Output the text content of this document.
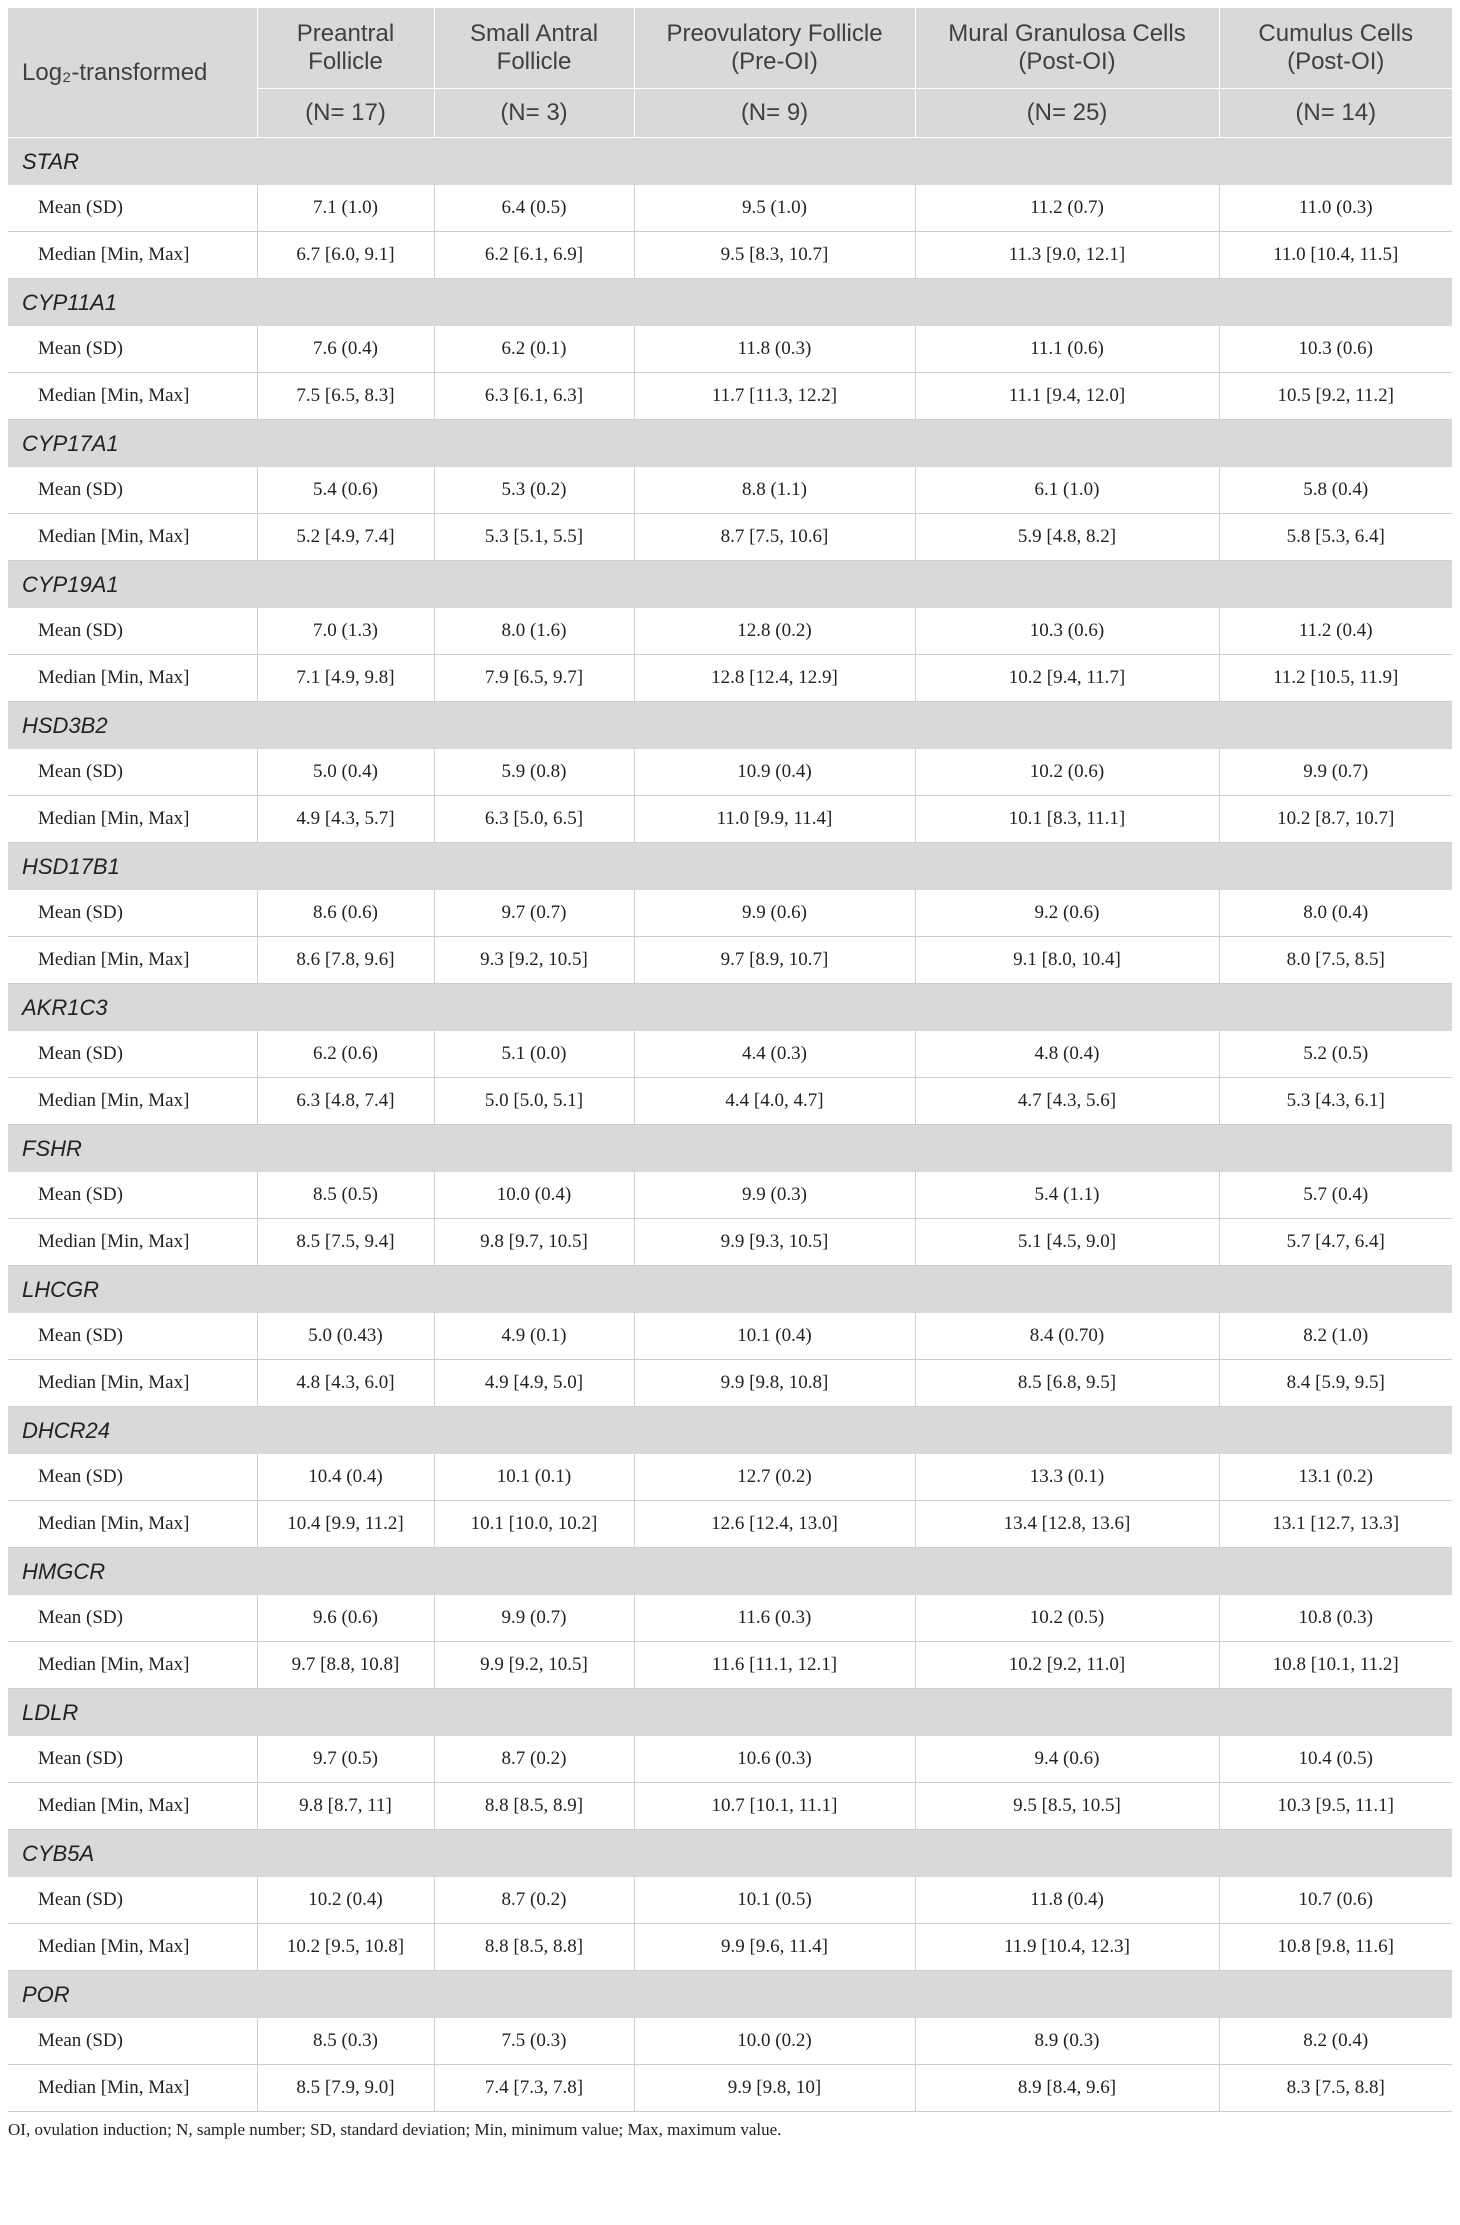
Log₂-transformed	Preantral Follicle	Small Antral Follicle	Preovulatory Follicle (Pre-OI)	Mural Granulosa Cells (Post-OI)	Cumulus Cells (Post-OI)
	(N= 17)	(N= 3)	(N= 9)	(N= 25)	(N= 14)
STAR					
Mean (SD)	7.1 (1.0)	6.4 (0.5)	9.5 (1.0)	11.2 (0.7)	11.0 (0.3)
Median [Min, Max]	6.7 [6.0, 9.1]	6.2 [6.1, 6.9]	9.5 [8.3, 10.7]	11.3 [9.0, 12.1]	11.0 [10.4, 11.5]
CYP11A1					
Mean (SD)	7.6 (0.4)	6.2 (0.1)	11.8 (0.3)	11.1 (0.6)	10.3 (0.6)
Median [Min, Max]	7.5 [6.5, 8.3]	6.3 [6.1, 6.3]	11.7 [11.3, 12.2]	11.1 [9.4, 12.0]	10.5 [9.2, 11.2]
CYP17A1					
Mean (SD)	5.4 (0.6)	5.3 (0.2)	8.8 (1.1)	6.1 (1.0)	5.8 (0.4)
Median [Min, Max]	5.2 [4.9, 7.4]	5.3 [5.1, 5.5]	8.7 [7.5, 10.6]	5.9 [4.8, 8.2]	5.8 [5.3, 6.4]
CYP19A1					
Mean (SD)	7.0 (1.3)	8.0 (1.6)	12.8 (0.2)	10.3 (0.6)	11.2 (0.4)
Median [Min, Max]	7.1 [4.9, 9.8]	7.9 [6.5, 9.7]	12.8 [12.4, 12.9]	10.2 [9.4, 11.7]	11.2 [10.5, 11.9]
HSD3B2					
Mean (SD)	5.0 (0.4)	5.9 (0.8)	10.9 (0.4)	10.2 (0.6)	9.9 (0.7)
Median [Min, Max]	4.9 [4.3, 5.7]	6.3 [5.0, 6.5]	11.0 [9.9, 11.4]	10.1 [8.3, 11.1]	10.2 [8.7, 10.7]
HSD17B1					
Mean (SD)	8.6 (0.6)	9.7 (0.7)	9.9 (0.6)	9.2 (0.6)	8.0 (0.4)
Median [Min, Max]	8.6 [7.8, 9.6]	9.3 [9.2, 10.5]	9.7 [8.9, 10.7]	9.1 [8.0, 10.4]	8.0 [7.5, 8.5]
AKR1C3					
Mean (SD)	6.2 (0.6)	5.1 (0.0)	4.4 (0.3)	4.8 (0.4)	5.2 (0.5)
Median [Min, Max]	6.3 [4.8, 7.4]	5.0 [5.0, 5.1]	4.4 [4.0, 4.7]	4.7 [4.3, 5.6]	5.3 [4.3, 6.1]
FSHR					
Mean (SD)	8.5 (0.5)	10.0 (0.4)	9.9 (0.3)	5.4 (1.1)	5.7 (0.4)
Median [Min, Max]	8.5 [7.5, 9.4]	9.8 [9.7, 10.5]	9.9 [9.3, 10.5]	5.1 [4.5, 9.0]	5.7 [4.7, 6.4]
LHCGR					
Mean (SD)	5.0 (0.43)	4.9 (0.1)	10.1 (0.4)	8.4 (0.70)	8.2 (1.0)
Median [Min, Max]	4.8 [4.3, 6.0]	4.9 [4.9, 5.0]	9.9 [9.8, 10.8]	8.5 [6.8, 9.5]	8.4 [5.9, 9.5]
DHCR24					
Mean (SD)	10.4 (0.4)	10.1 (0.1)	12.7 (0.2)	13.3 (0.1)	13.1 (0.2)
Median [Min, Max]	10.4 [9.9, 11.2]	10.1 [10.0, 10.2]	12.6 [12.4, 13.0]	13.4 [12.8, 13.6]	13.1 [12.7, 13.3]
HMGCR					
Mean (SD)	9.6 (0.6)	9.9 (0.7)	11.6 (0.3)	10.2 (0.5)	10.8 (0.3)
Median [Min, Max]	9.7 [8.8, 10.8]	9.9 [9.2, 10.5]	11.6 [11.1, 12.1]	10.2 [9.2, 11.0]	10.8 [10.1, 11.2]
LDLR					
Mean (SD)	9.7 (0.5)	8.7 (0.2)	10.6 (0.3)	9.4 (0.6)	10.4 (0.5)
Median [Min, Max]	9.8 [8.7, 11]	8.8 [8.5, 8.9]	10.7 [10.1, 11.1]	9.5 [8.5, 10.5]	10.3 [9.5, 11.1]
CYB5A					
Mean (SD)	10.2 (0.4)	8.7 (0.2)	10.1 (0.5)	11.8 (0.4)	10.7 (0.6)
Median [Min, Max]	10.2 [9.5, 10.8]	8.8 [8.5, 8.8]	9.9 [9.6, 11.4]	11.9 [10.4, 12.3]	10.8 [9.8, 11.6]
POR					
Mean (SD)	8.5 (0.3)	7.5 (0.3)	10.0 (0.2)	8.9 (0.3)	8.2 (0.4)
Median [Min, Max]	8.5 [7.9, 9.0]	7.4 [7.3, 7.8]	9.9 [9.8, 10]	8.9 [8.4, 9.6]	8.3 [7.5, 8.8]
OI, ovulation induction; N, sample number; SD, standard deviation; Min, minimum value; Max, maximum value.
